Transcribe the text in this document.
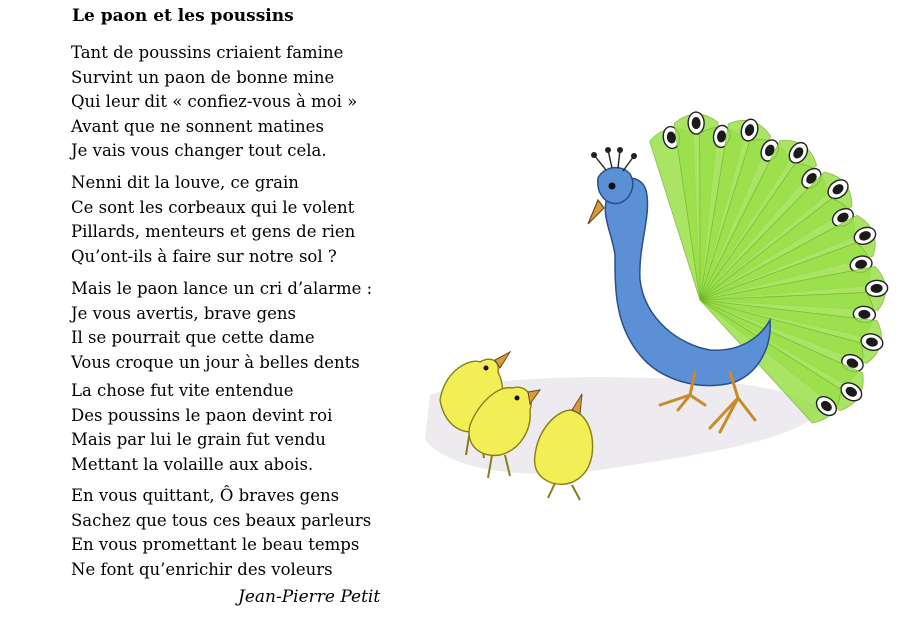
Le paon et les poussins
Tant de poussins criaient famine
Survint un paon de bonne mine
Qui leur dit « confiez-vous à moi »
Avant que ne sonnent matines
Je vais vous changer tout cela.
Nenni dit la louve, ce grain
Ce sont les corbeaux qui le volent
Pillards, menteurs et gens de rien
Qu’ont-ils à faire sur notre sol ?
Mais le paon lance un cri d’alarme :
Je vous avertis, brave gens
Il se pourrait que cette dame
Vous croque un jour à belles dents
La chose fut vite entendue
Des poussins le paon devint roi
Mais par lui le grain fut vendu
Mettant la volaille aux abois.
En vous quittant, Ô braves gens
Sachez que tous ces beaux parleurs
En vous promettant le beau temps
Ne font qu’enrichir des voleurs
Jean-Pierre Petit
